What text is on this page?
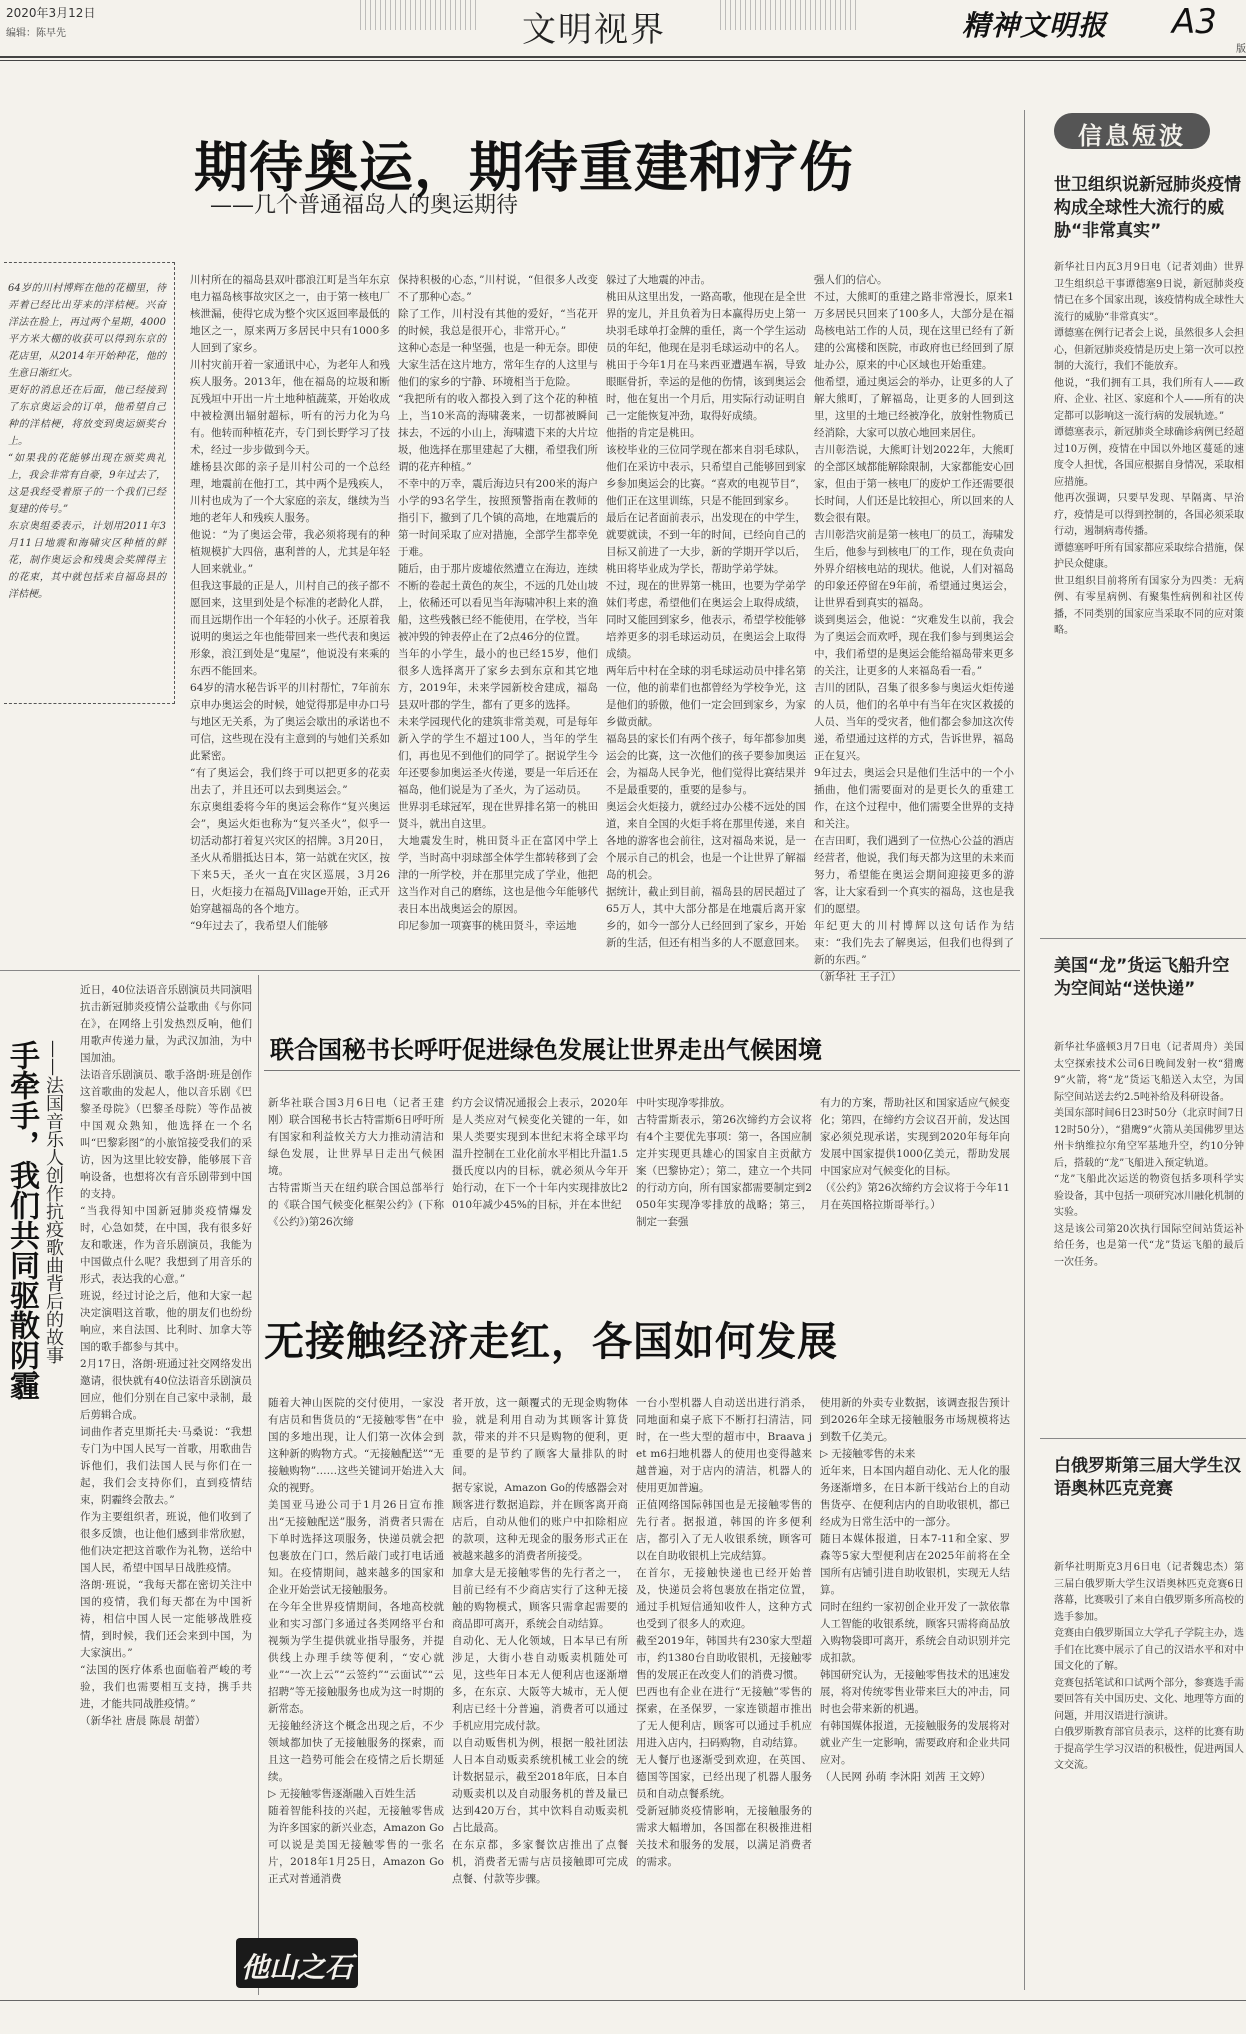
2020年3月12日
编辑：陈早先	文明视界	精神文明报 A3
版
期待奥运，期待重建和疗伤
——几个普通福岛人的奥运期待
64岁的川村博辉在他的花棚里，待弄着已经比出芽来的洋桔梗。兴奋洋法在脸上，再过两个星期，4000平方米大棚的收获可以得到东京的花店里，从2014年开始种花，他的生意日渐红火。
更好的消息还在后面，他已经接到了东京奥运会的订单，他希望自己种的洋桔梗，将放变到奥运颁奖台上。
“如果我的花能够出现在颁奖典礼上，我会非常有自豪，9年过去了，这是我经受着原子的一个我们已经复建的传号。”
东京奥组委表示，计划用2011年3月11日地震和海啸灾区种植的鲜花，制作奥运会和残奥会奖牌得主的花束，其中就包括来自福岛县的洋桔梗。
川村所在的福岛县双叶郡浪江町是当年东京电力福岛核事故灾区之一，由于第一核电厂核泄漏，使得它成为整个灾区返回率最低的地区之一，原来两万多居民中只有1000多人回到了家乡。
川村灾前开着一家通讯中心，为老年人和残疾人服务。2013年，他在福岛的垃圾和断瓦残垣中开出一片土地种植蔬菜，开始收成中被检测出辐射超标，听有的污力化为乌有。他转而种植花卉，专门到长野学习了技术，经过一步步做到今天。
雄杨县次郎的亲子是川村公司的一个总经理，地震前在他打工，其中两个是残疾人，川村也成为了一个大家庭的亲友，继续为当地的老年人和残疾人服务。
他说：“为了奥运会带，我必须将现有的种植规模扩大四倍，惠利普的人，尤其是年轻人回来就业。”
但我这事最的正是人，川村自己的孩子都不愿回来，这里到处是个标准的老龄化人群，而且远期作出一个年轻的小伙子。还原着我说明的奥运之年也能带回来一些代表和奥运形象，浪江到处是“鬼屋”，他说没有来乘的东西不能回来。
64岁的清水秘告诉平的川村帮忙，7年前东京申办奥运会的时候，她觉得那是申办口号与地区无关系，为了奥运会歇出的承诺也不可信，这些现在没有主意到的与她们关系如此紧密。
“有了奥运会，我们终于可以把更多的花卖出去了，并且还可以去到奥运会。”
东京奥组委将今年的奥运会称作“复兴奥运会”，奥运火炬也称为“复兴圣火”，似乎一切活动都打着复兴灾区的招牌。3月20日，圣火从希腊抵达日本，第一站就在灾区，按下来5天，圣火一直在灾区巡展，3月26日，火炬接力在福岛JVillage开始，正式开始穿越福岛的各个地方。
“9年过去了，我希望人们能够
保持积极的心态，”川村说，“但很多人改变不了那种心态。”
除了工作，川村没有其他的爱好，“当花开的时候，我总是很开心，非常开心。”
这种心态是一种坚强，也是一种无奈。即使大家生活在这片地方，常年生存的人这里与他们的家乡的宁静、环境相当于危险。
“我把所有的收入都投入到了这个花的种植上，当10米高的海啸袭来，一切都被瞬间抹去，不远的小山上，海啸遗下来的大片垃圾，他选择在那里建起了大棚，希望我们所谓的花卉种植。”
不幸中的万幸，震后海边只有200米的海户小学的93名学生，按照预警指南在教师的指引下，撤到了几个镇的高地，在地震后的第一时间采取了应对措施，全部学生都幸免于难。
随后，由于那片废墟依然遭立在海边，连续不断的卷起土黄色的灰尘，不远的几处山坡上，依稀还可以看见当年海啸冲积上来的渔船，这些残骸已经不能使用，在学校，当年被冲毁的钟表停止在了2点46分的位置。
当年的小学生，最小的也已经15岁，他们很多人选择离开了家乡去到东京和其它地方，2019年，未来学园新校舍建成，福岛县双叶郡的学生，都有了更多的选择。
未来学园现代化的建筑非常美观，可是每年新入学的学生不超过100人，当年的学生们，再也见不到他们的同学了。据说学生今年还要参加奥运圣火传递，要是一年后还在福岛，他们说是为了圣火，为了运动员。
世界羽毛球冠军，现在世界排名第一的桃田贤斗，就出自这里。
大地震发生时，桃田贤斗正在富冈中学上学，当时高中羽球部全体学生都转移到了会津的一所学校，并在那里完成了学业，他把这当作对自己的磨练，这也是他今年能够代表日本出战奥运会的原因。
印尼参加一项赛事的桃田贤斗，幸运地
躲过了大地震的冲击。
桃田从这里出发，一路高歌，他现在是全世界的宠儿，并且负着为日本赢得历史上第一块羽毛球单打金牌的重任，离一个学生运动员的年纪，他现在是羽毛球运动中的名人。
桃田于今年1月在马来西亚遭遇车祸，导致眼眶骨折，幸运的是他的伤情，该到奥运会时，他在复出一个月后，用实际行动证明自己一定能恢复冲劲，取得好成绩。
他指的肯定是桃田。
该校毕业的三位同学现在都来自羽毛球队，他们在采访中表示，只希望自己能够回到家乡参加奥运会的比赛。“喜欢的电视节目”，他们正在这里训练，只是不能回到家乡。
最后在记者面前表示，出发现在的中学生，就要就读，不到一年的时间，已经向自己的目标又前进了一大步，新的学期开学以后，桃田将毕业成为学长，帮助学弟学妹。
不过，现在的世界第一桃田，也要为学弟学妹们考虑，希望他们在奥运会上取得成绩，同时又能回到家乡，他表示，希望学校能够培养更多的羽毛球运动员，在奥运会上取得成绩。
两年后中村在全球的羽毛球运动员中排名第一位，他的前辈们也都曾经为学校争光，这是他们的骄傲，他们一定会回到家乡，为家乡做贡献。
福岛县的家长们有两个孩子，每年都参加奥运会的比赛，这一次他们的孩子要参加奥运会，为福岛人民争光，他们觉得比赛结果并不是最重要的，重要的是参与。
奥运会火炬接力，就经过办公楼不远处的国道，来自全国的火炬手将在那里传递，来自各地的游客也会前往，这对福岛来说，是一个展示自己的机会，也是一个让世界了解福岛的机会。
据统计，截止到目前，福岛县的居民超过了65万人，其中大部分都是在地震后离开家乡的，如今一部分人已经回到了家乡，开始新的生活，但还有相当多的人不愿意回来。
强人们的信心。
不过，大熊町的重建之路非常漫长，原来1万多居民只回来了100多人，大部分是在福岛核电站工作的人员，现在这里已经有了新建的公寓楼和医院，市政府也已经回到了原址办公，原来的中心区域也开始重建。
他希望，通过奥运会的举办，让更多的人了解大熊町，了解福岛，让更多的人回到这里，这里的土地已经被净化，放射性物质已经消除，大家可以放心地回来居住。
吉川彰浩说，大熊町计划2022年，大熊町的全部区域都能解除限制，大家都能安心回家，但由于第一核电厂的废炉工作还需要很长时间，人们还是比较担心，所以回来的人数会很有限。
吉川彰浩灾前是第一核电厂的员工，海啸发生后，他参与到核电厂的工作，现在负责向外界介绍核电站的现状。他说，人们对福岛的印象还停留在9年前，希望通过奥运会，让世界看到真实的福岛。
谈到奥运会，他说：“灾难发生以前，我会为了奥运会而欢呼，现在我们参与到奥运会中，我们希望的是奥运会能给福岛带来更多的关注，让更多的人来福岛看一看。”
吉川的团队，召集了很多参与奥运火炬传递的人员，他们的名单中有当年在灾区救援的人员、当年的受灾者，他们都会参加这次传递，希望通过这样的方式，告诉世界，福岛正在复兴。
9年过去，奥运会只是他们生活中的一个小插曲，他们需要面对的是更长久的重建工作，在这个过程中，他们需要全世界的支持和关注。
在吉田町，我们遇到了一位热心公益的酒店经营者，他说，我们每天都为这里的未来而努力，希望能在奥运会期间迎接更多的游客，让大家看到一个真实的福岛，这也是我们的愿望。
年纪更大的川村博辉以这句话作为结束：“我们先去了解奥运，但我们也得到了新的东西。”
（新华社 王子江）
手牵手，我们共同驱散阴霾 ——法国音乐人创作抗疫歌曲背后的故事
近日，40位法语音乐剧演员共同演唱抗击新冠肺炎疫情公益歌曲《与你同在》，在网络上引发热烈反响，他们用歌声传递力量，为武汉加油，为中国加油。
法语音乐剧演员、歌手洛朗·班是创作这首歌曲的发起人，他以音乐剧《巴黎圣母院》（巴黎圣母院）等作品被中国观众熟知，他选择在一个名叫“巴黎彩图”的小旅馆接受我们的采访，因为这里比较安静，能够展下音响设备，也想将次有音乐剧带到中国的支持。
“当我得知中国新冠肺炎疫情爆发时，心急如焚，在中国，我有很多好友和歌迷，作为音乐剧演员，我能为中国做点什么呢？我想到了用音乐的形式，表达我的心意。”
班说，经过讨论之后，他和大家一起决定演唱这首歌，他的朋友们也纷纷响应，来自法国、比利时、加拿大等国的歌手都参与其中。
2月17日，洛朗·班通过社交网络发出邀请，很快就有40位法语音乐剧演员回应，他们分别在自己家中录制，最后剪辑合成。
词曲作者克里斯托夫·马桑说：“我想专门为中国人民写一首歌，用歌曲告诉他们，我们法国人民与你们在一起，我们会支持你们，直到疫情结束，阴霾终会散去。”
作为主要组织者，班说，他们收到了很多反馈，也让他们感到非常欣慰，他们决定把这首歌作为礼物，送给中国人民，希望中国早日战胜疫情。
洛朗·班说，“我每天都在密切关注中国的疫情，我们每天都在为中国祈祷，相信中国人民一定能够战胜疫情，到时候，我们还会来到中国，为大家演出。”
“法国的医疗体系也面临着严峻的考验，我们也需要相互支持，携手共进，才能共同战胜疫情。”
（新华社 唐晨 陈晨 胡蕾）
联合国秘书长呼吁促进绿色发展让世界走出气候困境
新华社联合国3月6日电（记者王建刚）联合国秘书长古特雷斯6日呼吁所有国家和利益攸关方大力推动清洁和绿色发展，让世界早日走出气候困境。
古特雷斯当天在纽约联合国总部举行的《联合国气候变化框架公约》(下称《公约》)第26次缔
约方会议情况通报会上表示，2020年是人类应对气候变化关键的一年，如果人类要实现到本世纪末将全球平均温升控制在工业化前水平相比升温1.5摄氏度以内的目标，就必须从今年开始行动，在下一个十年内实现排放比2010年减少45%的目标，并在本世纪
中叶实现净零排放。
古特雷斯表示，第26次缔约方会议将有4个主要优先事项：第一，各国应制定并实现更具雄心的国家自主贡献方案（巴黎协定）；第二，建立一个共同的行动方向，所有国家都需要制定到2050年实现净零排放的战略；第三，制定一套强
有力的方案，帮助社区和国家适应气候变化；第四，在缔约方会议召开前，发达国家必须兑现承诺，实现到2020年每年向发展中国家提供1000亿美元，帮助发展中国家应对气候变化的目标。
（《公约》第26次缔约方会议将于今年11月在英国格拉斯哥举行。）
无接触经济走红，各国如何发展
随着大神山医院的交付使用，一家没有店员和售货员的“无接触零售”在中国的多地出现，让人们第一次体会到这种新的购物方式。“无接触配送”“无接触购物”……这些关键词开始进入大众的视野。
美国亚马逊公司于1月26日宣布推出“无接触配送”服务，消费者只需在下单时选择这项服务，快递员就会把包裹放在门口，然后敲门或打电话通知。在疫情期间，越来越多的国家和企业开始尝试无接触服务。
在今年全世界疫情期间，各地高校就业和实习部门多通过各类网络平台和视频为学生提供就业指导服务，并提供线上办理手续等便利，“安心就业”“一次上云”“云签约”“云面试”“云招聘”等无接触服务也成为这一时期的新常态。
无接触经济这个概念出现之后，不少领域都加快了无接触服务的探索，而且这一趋势可能会在疫情之后长期延续。
▷ 无接触零售逐渐融入百姓生活
随着智能科技的兴起，无接触零售成为许多国家的新兴业态，Amazon Go可以说是美国无接触零售的一张名片，2018年1月25日，Amazon Go正式对普通消费
者开放，这一颠覆式的无现金购物体验，就是利用自动为其顾客计算货款，带来的并不只是购物的便利，更重要的是节约了顾客大量排队的时间。
据专家说，Amazon Go的传感器会对顾客进行数据追踪，并在顾客离开商店后，自动从他们的账户中扣除相应的款项，这种无现金的服务形式正在被越来越多的消费者所接受。
加拿大是无接触零售的先行者之一，目前已经有不少商店实行了这种无接触的购物模式，顾客只需拿起需要的商品即可离开，系统会自动结算。
自动化、无人化领域，日本早已有所涉足，大街小巷自动贩卖机随处可见，这些年日本无人便利店也逐渐增多，在东京、大阪等大城市，无人便利店已经十分普遍，消费者可以通过手机应用完成付款。
以自动贩售机为例，根据一般社团法人日本自动贩卖系统机械工业会的统计数据显示，截至2018年底，日本自动贩卖机以及自动服务机的普及量已达到420万台，其中饮料自动贩卖机占比最高。
在东京都，多家餐饮店推出了点餐机，消费者无需与店员接触即可完成点餐、付款等步骤。
一台小型机器人自动送出进行消杀，同地面和桌子底下不断打扫清洁，同时，在一些大型的超市中，Braava jet m6扫地机器人的使用也变得越来越普遍，对于店内的清洁，机器人的使用更加普遍。
正值网络国际韩国也是无接触零售的先行者。据报道，韩国的许多便利店，都引入了无人收银系统，顾客可以在自助收银机上完成结算。
在首尔，无接触快递也已经开始普及，快递员会将包裹放在指定位置，通过手机短信通知收件人，这种方式也受到了很多人的欢迎。
截至2019年，韩国共有230家大型超市，约1380台自助收银机，无接触零售的发展正在改变人们的消费习惯。
巴西也有企业在进行“无接触”零售的探索，在圣保罗，一家连锁超市推出了无人便利店，顾客可以通过手机应用进入店内，扫码购物，自动结算。
无人餐厅也逐渐受到欢迎，在英国、德国等国家，已经出现了机器人服务员和自动点餐系统。
受新冠肺炎疫情影响，无接触服务的需求大幅增加，各国都在积极推进相关技术和服务的发展，以满足消费者的需求。
使用新的外卖专业数据，该调查报告预计到2026年全球无接触服务市场规模将达到数千亿美元。
▷ 无接触零售的未来
近年来，日本国内超自动化、无人化的服务逐渐增多，在日本新干线站台上的自动售货亭、在便利店内的自助收银机，都已经成为日常生活中的一部分。
随日本媒体报道，日本7-11和全家、罗森等5家大型便利店在2025年前将在全国所有店铺引进自助收银机，实现无人结算。
同时在纽约一家初创企业开发了一款依靠人工智能的收银系统，顾客只需将商品放入购物袋即可离开，系统会自动识别并完成扣款。
韩国研究认为，无接触零售技术的迅速发展，将对传统零售业带来巨大的冲击，同时也会带来新的机遇。
有韩国媒体报道，无接触服务的发展将对就业产生一定影响，需要政府和企业共同应对。
（人民网 孙萌 李沐阳 刘茜 王文婷）
他山之石
信息短波
世卫组织说新冠肺炎疫情构成全球性大流行的威胁“非常真实”
新华社日内瓦3月9日电（记者刘曲）世界卫生组织总干事谭德塞9日说，新冠肺炎疫情已在多个国家出现，该疫情构成全球性大流行的威胁“非常真实”。
谭德塞在例行记者会上说，虽然很多人会担心，但新冠肺炎疫情是历史上第一次可以控制的大流行，我们不能放弃。
他说，“我们拥有工具，我们所有人——政府、企业、社区、家庭和个人——所有的决定都可以影响这一流行病的发展轨迹。”
谭德塞表示，新冠肺炎全球确诊病例已经超过10万例，疫情在中国以外地区蔓延的速度令人担忧，各国应根据自身情况，采取相应措施。
他再次强调，只要早发现、早隔离、早治疗，疫情是可以得到控制的，各国必须采取行动，遏制病毒传播。
谭德塞呼吁所有国家都应采取综合措施，保护民众健康。
世卫组织目前将所有国家分为四类：无病例、有零星病例、有聚集性病例和社区传播，不同类别的国家应当采取不同的应对策略。
美国“龙”货运飞船升空为空间站“送快递”
新华社华盛顿3月7日电（记者周舟）美国太空探索技术公司6日晚间发射一枚“猎鹰9”火箭，将“龙”货运飞船送入太空，为国际空间站送去约2.5吨补给及科研设备。
美国东部时间6日23时50分（北京时间7日12时50分），“猎鹰9”火箭从美国佛罗里达州卡纳维拉尔角空军基地升空，约10分钟后，搭载的“龙”飞船进入预定轨道。
“龙”飞船此次运送的物资包括多项科学实验设备，其中包括一项研究冰川融化机制的实验。
这是该公司第20次执行国际空间站货运补给任务，也是第一代“龙”货运飞船的最后一次任务。
白俄罗斯第三届大学生汉语奥林匹克竞赛
新华社明斯克3月6日电（记者魏忠杰）第三届白俄罗斯大学生汉语奥林匹克竞赛6日落幕，比赛吸引了来自白俄罗斯多所高校的选手参加。
竞赛由白俄罗斯国立大学孔子学院主办，选手们在比赛中展示了自己的汉语水平和对中国文化的了解。
竞赛包括笔试和口试两个部分，参赛选手需要回答有关中国历史、文化、地理等方面的问题，并用汉语进行演讲。
白俄罗斯教育部官员表示，这样的比赛有助于提高学生学习汉语的积极性，促进两国人文交流。
